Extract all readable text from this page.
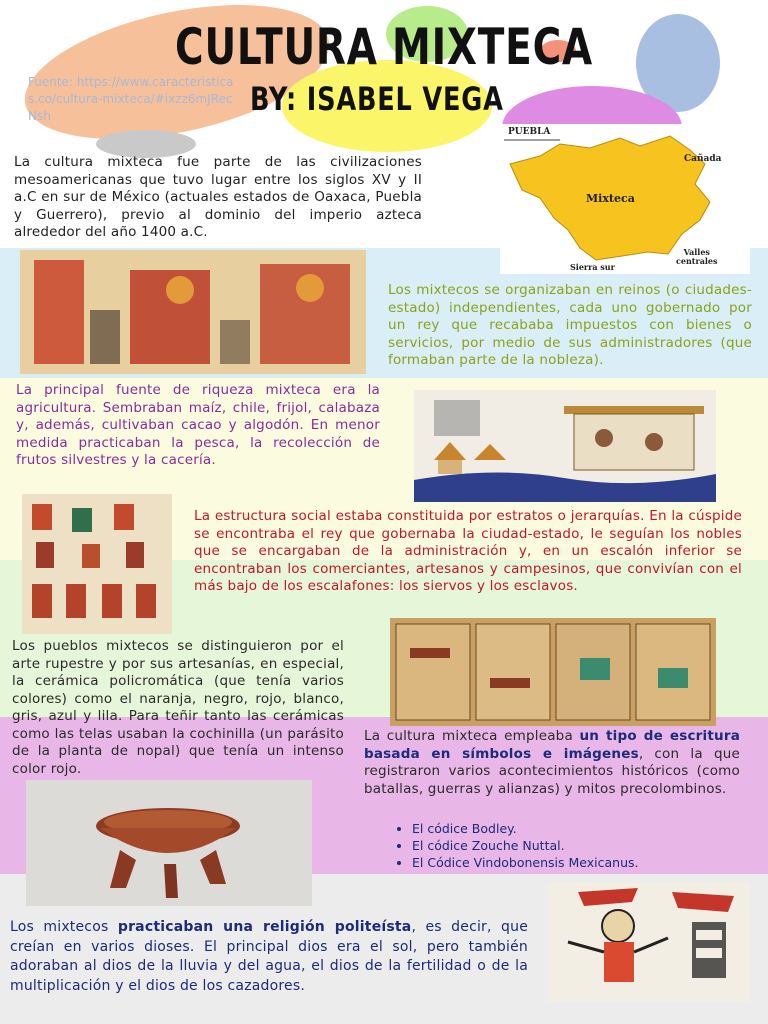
CULTURA MIXTECA
BY: ISABEL VEGA

Fuente: https://www.caracteristicas.co/cultura-mixteca/#ixzz6mJRecNsh

La cultura mixteca fue parte de las civilizaciones mesoamericanas que tuvo lugar entre los siglos XV y II a.C en sur de México (actuales estados de Oaxaca, Puebla y Guerrero), previo al dominio del imperio azteca alrededor del año 1400 a.C.

PUEBLA
Cañada
Mixteca
Sierra sur
Valles
centrales

Los mixtecos se organizaban en reinos (o ciudades-estado) independientes, cada uno gobernado por un rey que recababa impuestos con bienes o servicios, por medio de sus administradores (que formaban parte de la nobleza).

La principal fuente de riqueza mixteca era la agricultura. Sembraban maíz, chile, frijol, calabaza y, además, cultivaban cacao y algodón. En menor medida practicaban la pesca, la recolección de frutos silvestres y la cacería.

La estructura social estaba constituida por estratos o jerarquías. En la cúspide se encontraba el rey que gobernaba la ciudad-estado, le seguían los nobles que se encargaban de la administración y, en un escalón inferior se encontraban los comerciantes, artesanos y campesinos, que convivían con el más bajo de los escalafones: los siervos y los esclavos.

Los pueblos mixtecos se distinguieron por el arte rupestre y por sus artesanías, en especial, la cerámica policromática (que tenía varios colores) como el naranja, negro, rojo, blanco, gris, azul y lila. Para teñir tanto las cerámicas como las telas usaban la cochinilla (un parásito de la planta de nopal) que tenía un intenso color rojo.

La cultura mixteca empleaba un tipo de escritura basada en símbolos e imágenes, con la que registraron varios acontecimientos históricos (como batallas, guerras y alianzas) y mitos precolombinos.

• El códice Bodley.
• El códice Zouche Nuttal.
• El Códice Vindobonensis Mexicanus.

Los mixtecos practicaban una religión politeísta, es decir, que creían en varios dioses. El principal dios era el sol, pero también adoraban al dios de la lluvia y del agua, el dios de la fertilidad o de la multiplicación y el dios de los cazadores.
